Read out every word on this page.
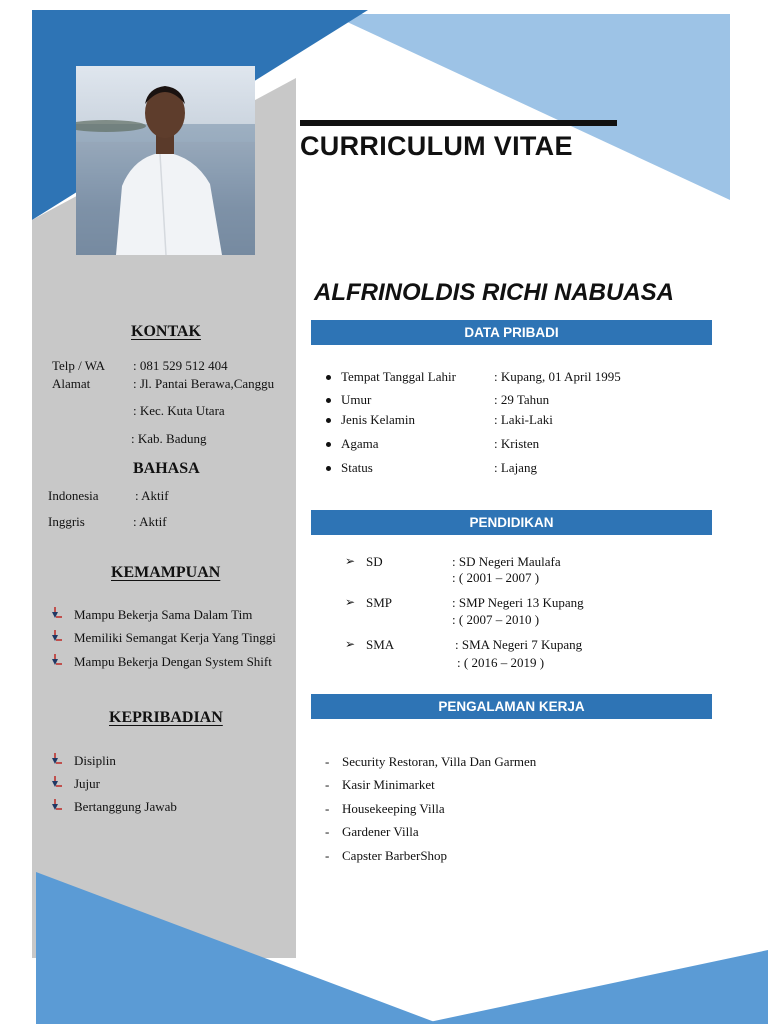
CURRICULUM VITAE
ALFRINOLDIS RICHI NABUASA
KONTAK
Telp / WA : 081 529 512 404
Alamat	: Jl. Pantai Berawa,Canggu
: Kec. Kuta Utara
: Kab. Badung
BAHASA
Indonesia	: Aktif
Inggris	: Aktif
KEMAMPUAN
Mampu Bekerja Sama Dalam Tim
Memiliki Semangat Kerja Yang Tinggi
Mampu Bekerja Dengan System Shift
KEPRIBADIAN
Disiplin
Jujur
Bertanggung Jawab
DATA PRIBADI
Tempat Tanggal Lahir	: Kupang, 01 April 1995
Umur	: 29 Tahun
Jenis Kelamin	: Laki-Laki
Agama	: Kristen
Status	: Lajang
PENDIDIKAN
➢ SD	: SD Negeri Maulafa
: ( 2001 – 2007 )
➢ SMP	: SMP Negeri 13 Kupang
: ( 2007 – 2010 )
➢ SMA	: SMA Negeri 7 Kupang
: ( 2016 – 2019 )
PENGALAMAN KERJA
- Security Restoran, Villa Dan Garmen
- Kasir Minimarket
- Housekeeping Villa
- Gardener Villa
- Capster BarberShop
